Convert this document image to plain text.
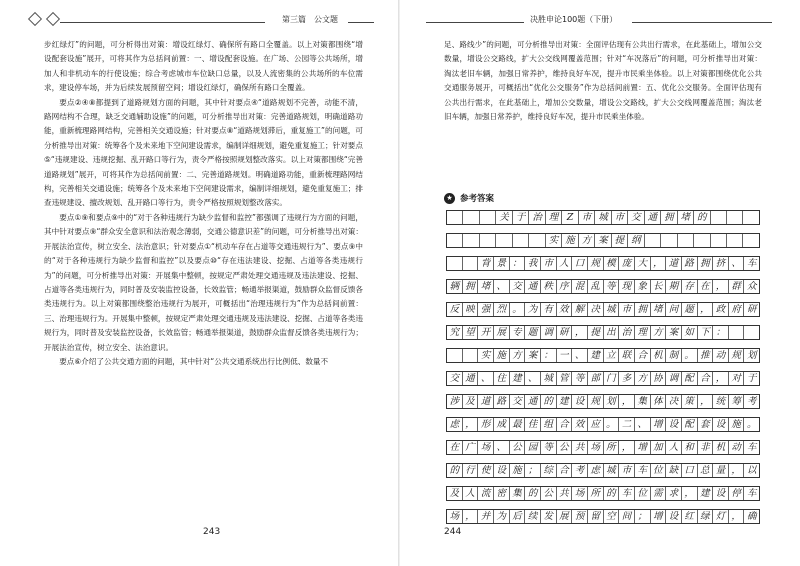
第三篇　公文题

步红绿灯”的问题，可分析得出对策：增设红绿灯、确保所有路口全覆盖。以上对策都围绕“增设配套设施”展开，可将其作为总括间前置：一、增设配套设施。在广场、公园等公共场所，增加人和非机动车的行使设施；综合考虑城市车位缺口总量，以及人流密集的公共场所的车位需求，建设停车场，并为后续发展预留空间；增设红绿灯，确保所有路口全覆盖。

要点②④⑧都提到了道路规划方面的问题，其中针对要点④“道路规划不完善，动能不清，路网结构不合理，缺乏交通辅助设施”的问题，可分析推导出对策：完善道路规划，明确道路功能，重新梳理路网结构，完善相关交通设施；针对要点⑧“道路规划滞后，重复施工”的问题，可分析推导出对策：统筹各个及未来地下空间建设需求，编制详细规划，避免重复施工；针对要点⑤“违规建设、违规挖掘、乱开路口等行为，责令严格按照规划整改落实。以上对策都围绕“完善道路规划”展开，可将其作为总括间前置：二、完善道路规划。明确道路功能，重新梳理路网结构，完善相关交通设施；统筹各个及未来地下空间建设需求，编制详细规划，避免重复施工；排查违规建设、擅改规划、乱开路口等行为，责令严格按照规划整改落实。

要点①⑨和要点⑨中的“对于各种违规行为缺少监督和监控”都强调了违规行为方面的问题，其中针对要点⑨“群众安全意识和法治观念薄弱，交通公德意识差”的问题，可分析推导出对策：开展法治宣传，树立安全、法治意识；针对要点①“机动车存在占道等交通违规行为”、要点⑨中的“对于各种违规行为缺少监督和监控”以及要点⑩“存在违法建设、挖掘、占道等各类违规行为”的问题，可分析推导出对策：开展集中整顿，按规定严肃处理交通违规及违法建设、挖掘、占道等各类违规行为，同时普及安装监控设备，长效监管；畅通举报渠道，鼓励群众监督反馈各类违规行为。以上对策都围绕整治违规行为展开，可概括出“治理违规行为”作为总括间前置：三、治理违规行为。开展集中整顿，按规定严肃处理交通违规及违法建设、挖掘、占道等各类违规行为，同时普及安装监控设备，长效监管；畅通举报渠道，鼓励群众监督反馈各类违规行为；开展法治宣传，树立安全、法治意识。

要点⑥介绍了公共交通方面的问题，其中针对“公共交通系统出行比例低、数量不

243
决胜申论100题（下册）

足、路线少”的问题，可分析推导出对策：全面评估现有公共出行需求，在此基础上，增加公交数量，增设公交路线，扩大公交线网覆盖范围；针对“车况落后”的问题，可分析推导出对策：淘汰老旧车辆，加强日常养护，维持良好车况，提升市民乘坐体验。以上对策都围绕优化公共交通服务展开，可概括出“优化公交服务”作为总括间前置：五、优化公交服务。全面评估现有公共出行需求，在此基础上，增加公交数量，增设公交路线，扩大公交线网覆盖范围；淘汰老旧车辆，加强日常养护，维持良好车况，提升市民乘坐体验。

★ 参考答案
关 于 治 理 Z 市 城 市 交 通 拥 堵 的
实 施 方 案 提 纲
背 景 ： 我 市 人 口 规 模 庞 大 ， 道 路 拥 挤 、 车
辆 拥 堵 、 交 通 秩 序 混 乱 等 现 象 长 期 存 在 ， 群 众
反 映 强 烈 。 为 有 效 解 决 城 市 拥 堵 问 题 ， 政 府 研
究 望 开 展 专 题 调 研 ， 提 出 治 理 方 案 如 下 ：
实 施 方 案 ： 一 、 建 立 联 合 机 制 。 推 动 规 划
交 通 、 住 建 、 城 管 等 部 门 多 方 协 调 配 合 ， 对 于
涉 及 道 路 交 通 的 建 设 规 划 ， 集 体 决 策 ， 统 筹 考
虑 ， 形 成 最 佳 组 合 效 应 。 二 、 增 设 配 套 设 施 。
在 广 场 、 公 园 等 公 共 场 所 ， 增 加 人 和 非 机 动 车
的 行 使 设 施 ； 综 合 考 虑 城 市 车 位 缺 口 总 量 ， 以
及 人 流 密 集 的 公 共 场 所 的 车 位 需 求 ， 建 设 停 车
场 ， 并 为 后 续 发 展 预 留 空 间 ； 增 设 红 绿 灯 ， 确
244
